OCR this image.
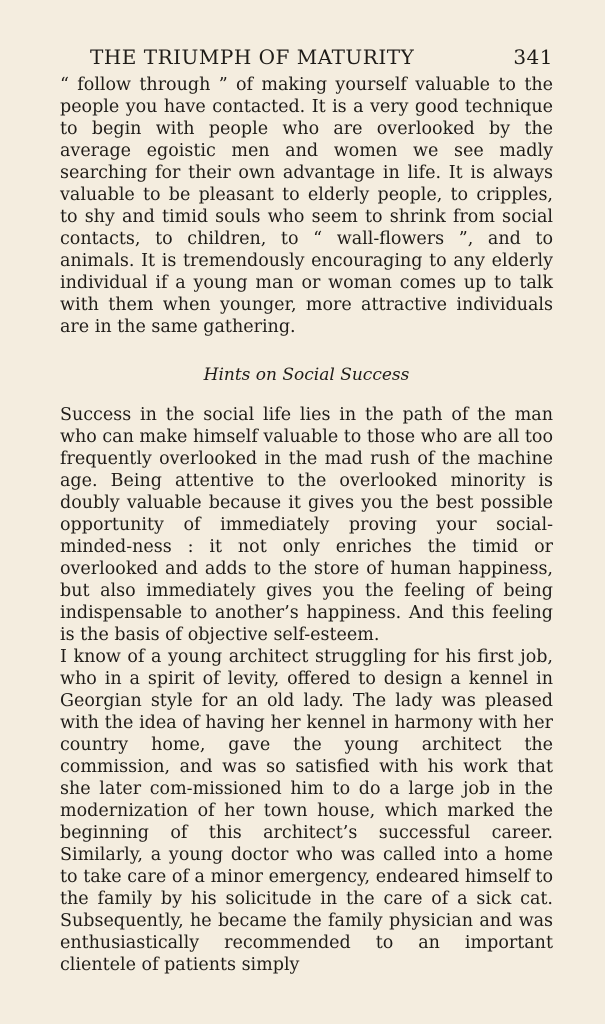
THE TRIUMPH OF MATURITY	341

“ follow through ” of making yourself valuable to the people you have contacted. It is a very good technique to begin with people who are overlooked by the average egoistic men and women we see madly searching for their own advantage in life. It is always valuable to be pleasant to elderly people, to cripples, to shy and timid souls who seem to shrink from social contacts, to children, to “ wall-flowers ”, and to animals. It is tremendously encouraging to any elderly individual if a young man or woman comes up to talk with them when younger, more attractive individuals are in the same gathering.

Hints on Social Success

Success in the social life lies in the path of the man who can make himself valuable to those who are all too frequently overlooked in the mad rush of the machine age. Being attentive to the overlooked minority is doubly valuable because it gives you the best possible opportunity of immediately proving your social-minded-ness : it not only enriches the timid or overlooked and adds to the store of human happiness, but also immediately gives you the feeling of being indispensable to another’s happiness. And this feeling is the basis of objective self-esteem.

I know of a young architect struggling for his first job, who in a spirit of levity, offered to design a kennel in Georgian style for an old lady. The lady was pleased with the idea of having her kennel in harmony with her country home, gave the young architect the commission, and was so satisfied with his work that she later com-missioned him to do a large job in the modernization of her town house, which marked the beginning of this architect’s successful career. Similarly, a young doctor who was called into a home to take care of a minor emergency, endeared himself to the family by his solicitude in the care of a sick cat. Subsequently, he became the family physician and was enthusiastically recommended to an important clientele of patients simply
